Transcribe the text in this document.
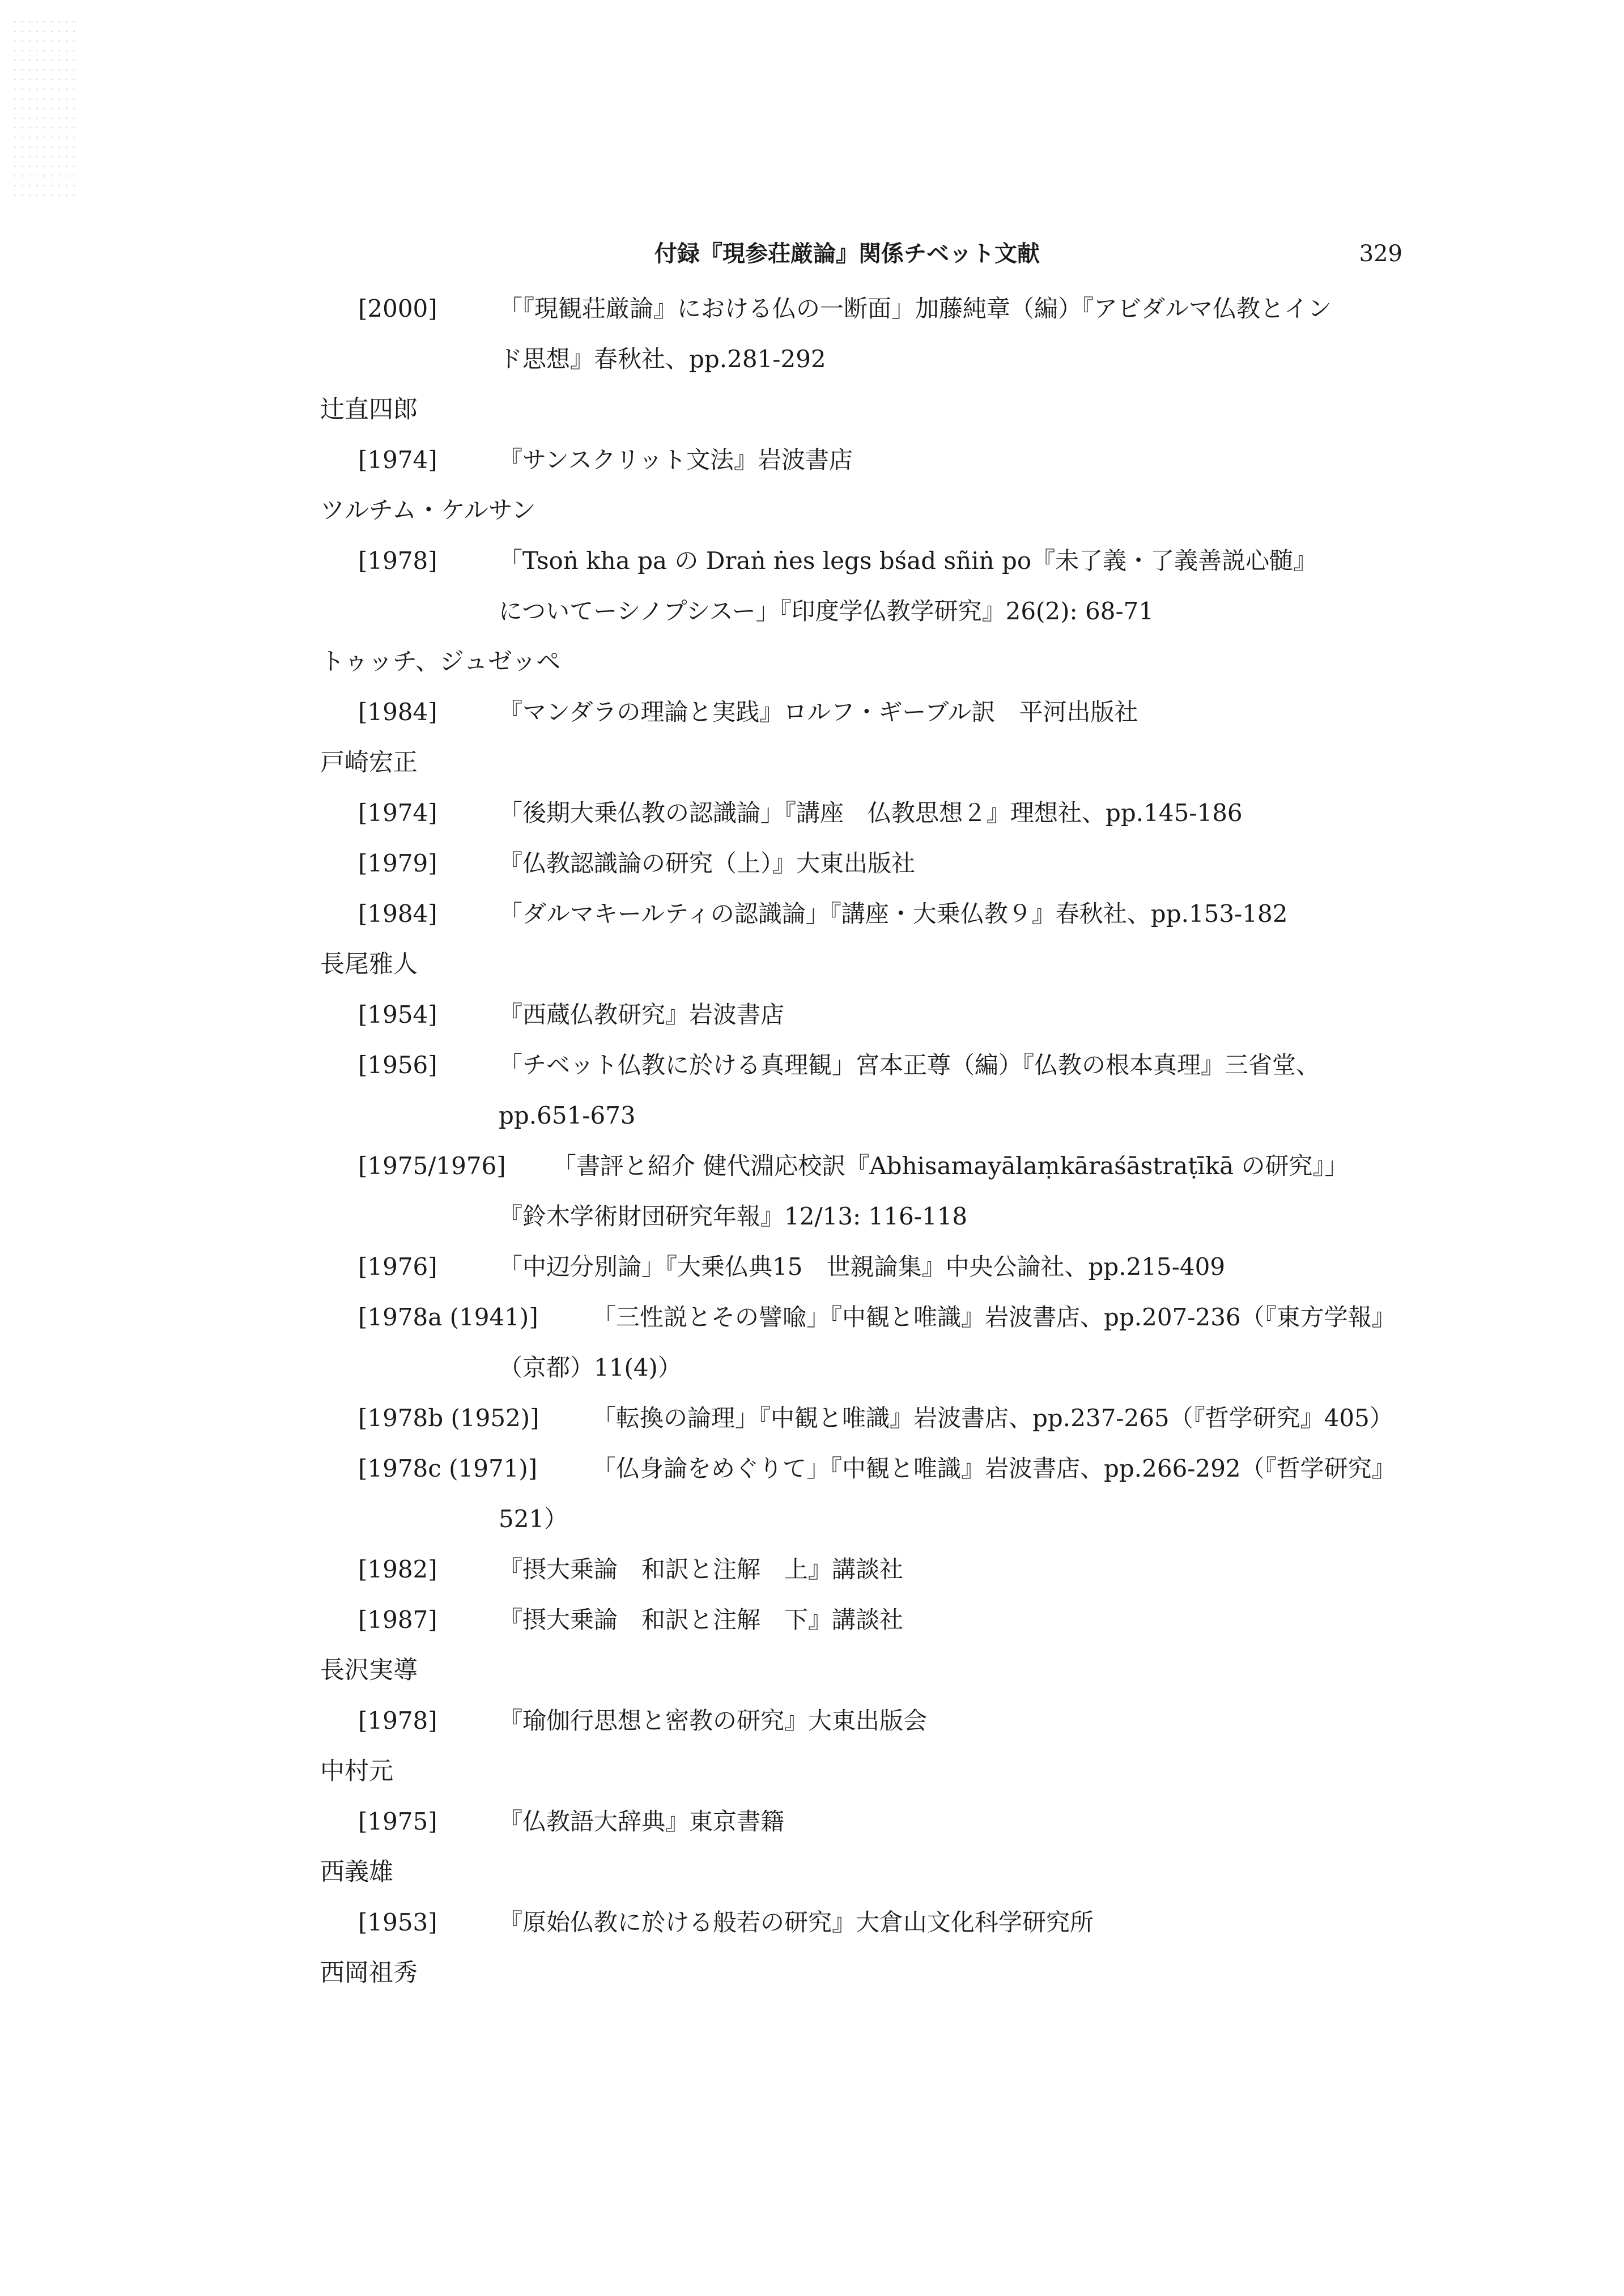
付録『現参荘厳論』関係チベット文献	329
[2000]	「『現観荘厳論』における仏の一断面」加藤純章（編）『アビダルマ仏教とイン
ド思想』春秋社、pp.281-292
辻直四郎
[1974]	『サンスクリット文法』岩波書店
ツルチム・ケルサン
[1978]	「Tsoṅ kha pa の Draṅ ṅes legs bśad sñiṅ po『未了義・了義善説心髄』
についてーシノプシスー」『印度学仏教学研究』26(2): 68-71
トゥッチ、ジュゼッペ
[1984]	『マンダラの理論と実践』ロルフ・ギーブル訳　平河出版社
戸崎宏正
[1974]	「後期大乗仏教の認識論」『講座　仏教思想２』理想社、pp.145-186
[1979]	『仏教認識論の研究（上）』大東出版社
[1984]	「ダルマキールティの認識論」『講座・大乗仏教９』春秋社、pp.153-182
長尾雅人
[1954]	『西蔵仏教研究』岩波書店
[1956]	「チベット仏教に於ける真理観」宮本正尊（編）『仏教の根本真理』三省堂、
pp.651-673
[1975/1976] 「書評と紹介 健代淵応校訳『Abhisamayālaṃkāraśāstraṭīkā の研究』」
『鈴木学術財団研究年報』12/13: 116-118
[1976]	「中辺分別論」『大乗仏典15　世親論集』中央公論社、pp.215-409
[1978a (1941)] 「三性説とその譬喩」『中観と唯識』岩波書店、pp.207-236（『東方学報』
（京都）11(4)）
[1978b (1952)] 「転換の論理」『中観と唯識』岩波書店、pp.237-265（『哲学研究』405）
[1978c (1971)] 「仏身論をめぐりて」『中観と唯識』岩波書店、pp.266-292（『哲学研究』
521）
[1982]	『摂大乗論　和訳と注解　上』講談社
[1987]	『摂大乗論　和訳と注解　下』講談社
長沢実導
[1978]	『瑜伽行思想と密教の研究』大東出版会
中村元
[1975]	『仏教語大辞典』東京書籍
西義雄
[1953]	『原始仏教に於ける般若の研究』大倉山文化科学研究所
西岡祖秀
